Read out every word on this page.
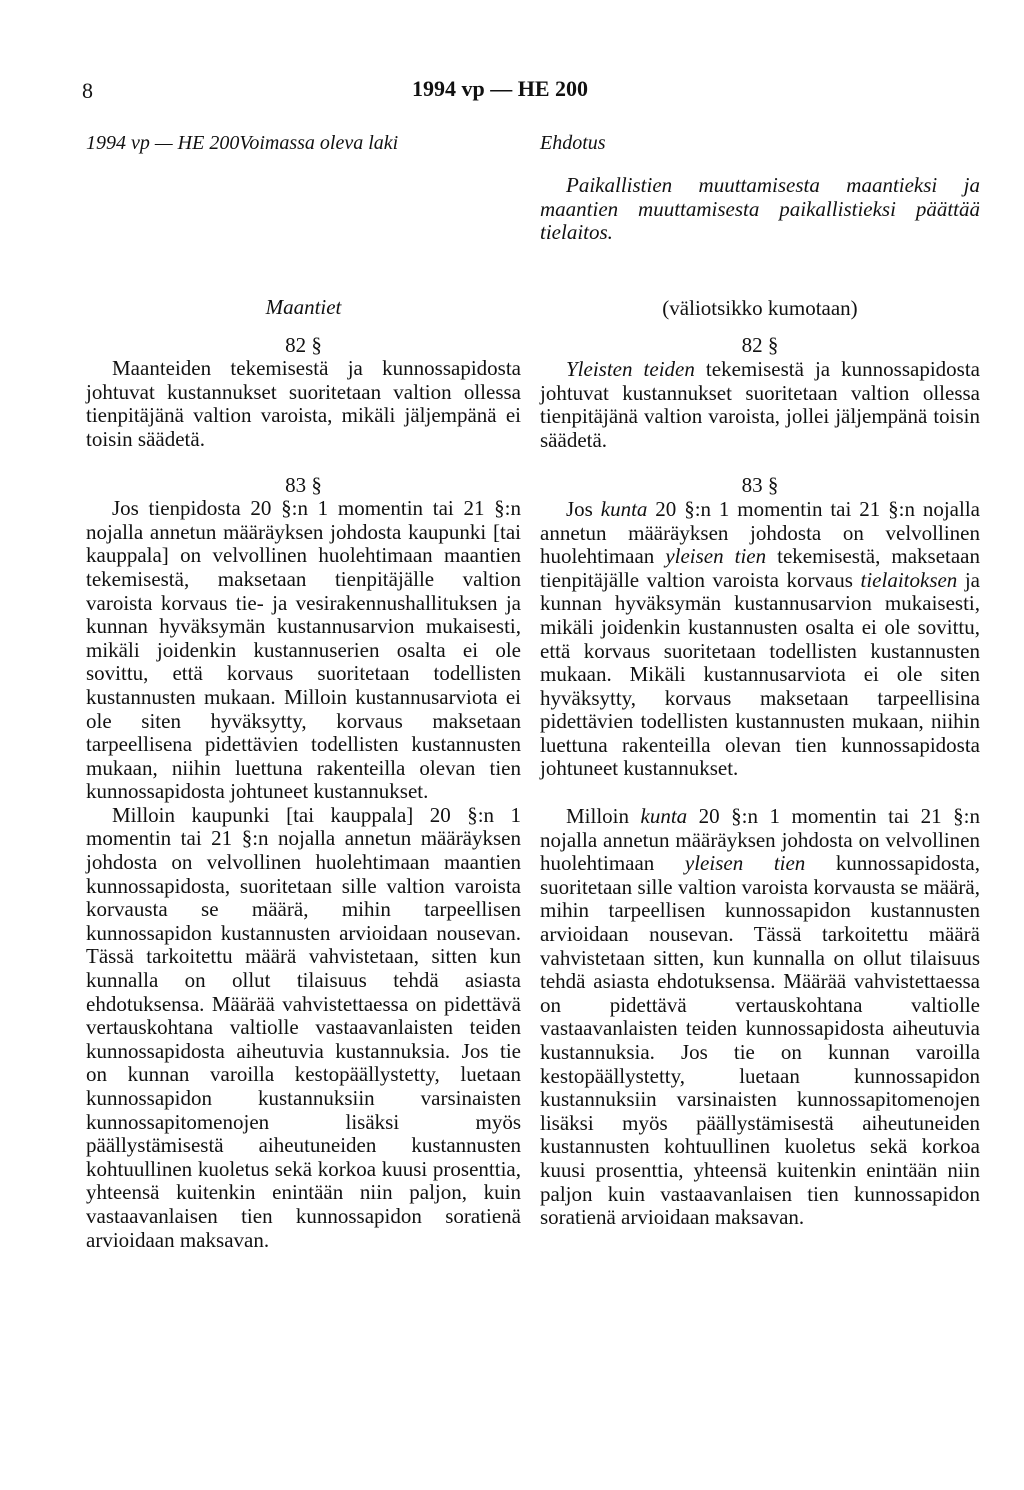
8	1994 vp — HE 200
1994 vp — HE 200Voimassa oleva laki	Ehdotus

Maantiet

82 §

Maanteiden tekemisestä ja kunnossapidosta johtuvat kustannukset suoritetaan valtion ollessa tienpitäjänä valtion varoista, mikäli jäljempänä ei toisin säädetä.

83 §

Jos tienpidosta 20 §:n 1 momentin tai 21 §:n nojalla annetun määräyksen johdosta kaupunki [tai kauppala] on velvollinen huolehtimaan maantien tekemisestä, maksetaan tienpitäjälle valtion varoista korvaus tie- ja vesirakennushallituksen ja kunnan hyväksymän kustannusarvion mukaisesti, mikäli joidenkin kustannuserien osalta ei ole sovittu, että korvaus suoritetaan todellisten kustannusten mukaan. Milloin kustannusarviota ei ole siten hyväksytty, korvaus maksetaan tarpeellisena pidettävien todellisten kustannusten mukaan, niihin luettuna rakenteilla olevan tien kunnossapidosta johtuneet kustannukset.

Milloin kaupunki [tai kauppala] 20 §:n 1 momentin tai 21 §:n nojalla annetun määräyksen johdosta on velvollinen huolehtimaan maantien kunnossapidosta, suoritetaan sille valtion varoista korvausta se määrä, mihin tarpeellisen kunnossapidon kustannusten arvioidaan nousevan. Tässä tarkoitettu määrä vahvistetaan, sitten kun kunnalla on ollut tilaisuus tehdä asiasta ehdotuksensa. Määrää vahvistettaessa on pidettävä vertauskohtana valtiolle vastaavanlaisten teiden kunnossapidosta aiheutuvia kustannuksia. Jos tie on kunnan varoilla kestopäällystetty, luetaan kunnossapidon kustannuksiin varsinaisten kunnossapitomenojen lisäksi myös päällystämisestä aiheutuneiden kustannusten kohtuullinen kuoletus sekä korkoa kuusi prosenttia, yhteensä kuitenkin enintään niin paljon, kuin vastaavanlaisen tien kunnossapidon soratienä arvioidaan maksavan.

Paikallistien muuttamisesta maantieksi ja maantien muuttamisesta paikallistieksi päättää tielaitos.

(väliotsikko kumotaan)

82 §

Yleisten teiden tekemisestä ja kunnossapidosta johtuvat kustannukset suoritetaan valtion ollessa tienpitäjänä valtion varoista, jollei jäljempänä toisin säädetä.

83 §

Jos kunta 20 §:n 1 momentin tai 21 §:n nojalla annetun määräyksen johdosta on velvollinen huolehtimaan yleisen tien tekemisestä, maksetaan tienpitäjälle valtion varoista korvaus tielaitoksen ja kunnan hyväksymän kustannusarvion mukaisesti, mikäli joidenkin kustannusten osalta ei ole sovittu, että korvaus suoritetaan todellisten kustannusten mukaan. Mikäli kustannusarviota ei ole siten hyväksytty, korvaus maksetaan tarpeellisina pidettävien todellisten kustannusten mukaan, niihin luettuna rakenteilla olevan tien kunnossapidosta johtuneet kustannukset.

Milloin kunta 20 §:n 1 momentin tai 21 §:n nojalla annetun määräyksen johdosta on velvollinen huolehtimaan yleisen tien kunnossapidosta, suoritetaan sille valtion varoista korvausta se määrä, mihin tarpeellisen kunnossapidon kustannusten arvioidaan nousevan. Tässä tarkoitettu määrä vahvistetaan sitten, kun kunnalla on ollut tilaisuus tehdä asiasta ehdotuksensa. Määrää vahvistettaessa on pidettävä vertauskohtana valtiolle vastaavanlaisten teiden kunnossapidosta aiheutuvia kustannuksia. Jos tie on kunnan varoilla kestopäällystetty, luetaan kunnossapidon kustannuksiin varsinaisten kunnossapitomenojen lisäksi myös päällystämisestä aiheutuneiden kustannusten kohtuullinen kuoletus sekä korkoa kuusi prosenttia, yhteensä kuitenkin enintään niin paljon kuin vastaavanlaisen tien kunnossapidon soratienä arvioidaan maksavan.
